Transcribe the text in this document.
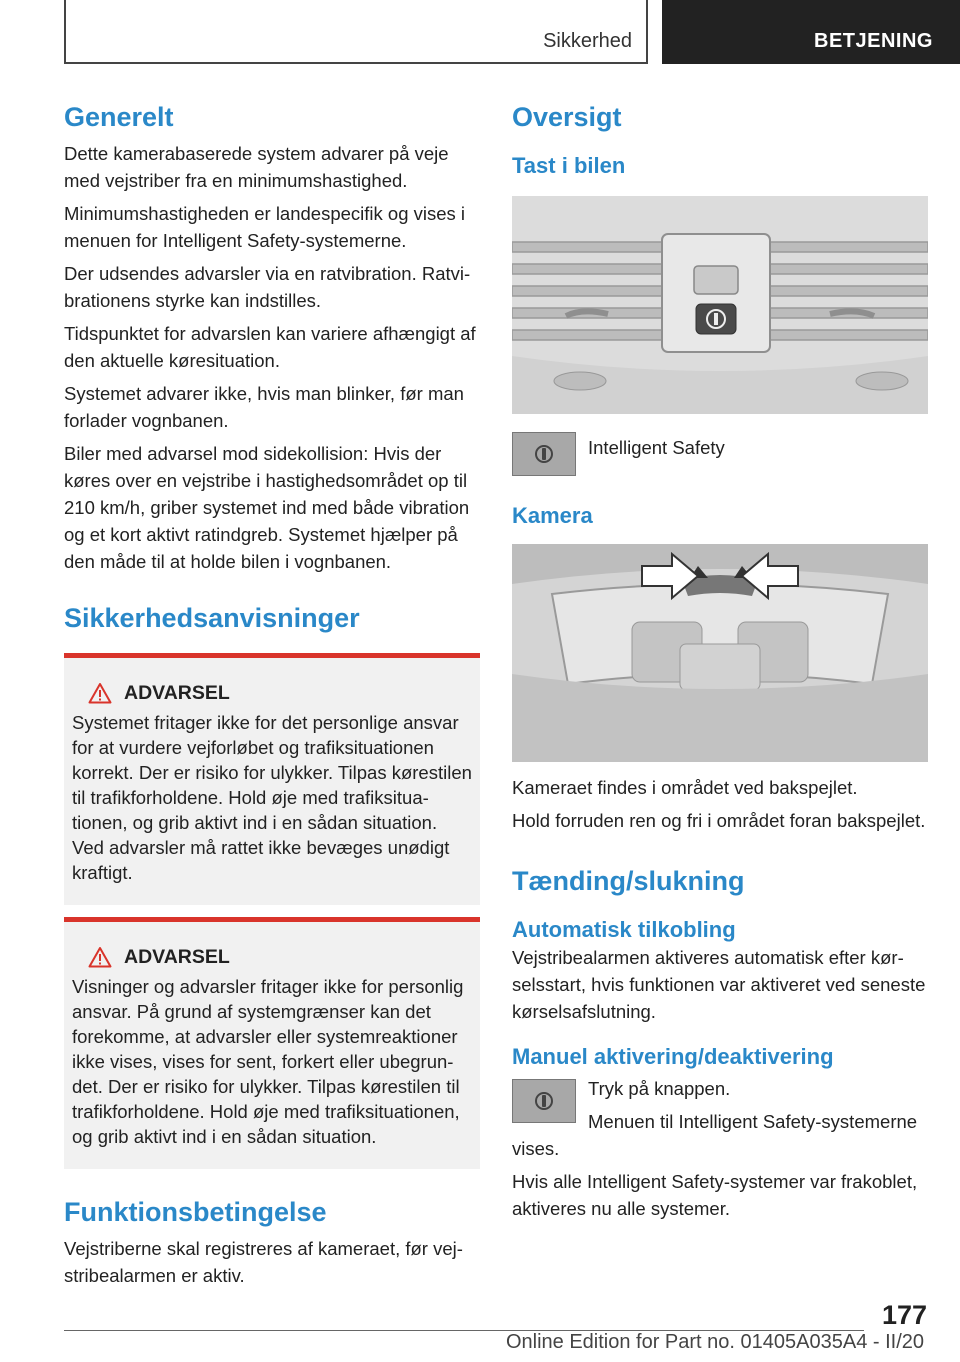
Sikkerhed	BETJENING
Generelt

Dette kamerabaserede system advarer på veje med vejstriber fra en minimumshastighed.

Minimumshastigheden er landespecifik og vises i menuen for Intelligent Safety-systemerne.

Der udsendes advarsler via en ratvibration. Ratvibrationens styrke kan indstilles.

Tidspunktet for advarslen kan variere afhængigt af den aktuelle køresituation.

Systemet advarer ikke, hvis man blinker, før man forlader vognbanen.

Biler med advarsel mod sidekollision: Hvis der køres over en vejstribe i hastighedsområdet op til 210 km/h, griber systemet ind med både vibration og et kort aktivt ratindgreb. Systemet hjælper på den måde til at holde bilen i vognbanen.

Sikkerhedsanvisninger
ADVARSEL

Systemet fritager ikke for det personlige ansvar for at vurdere vejforløbet og trafiksituationen korrekt. Der er risiko for ulykker. Tilpas kørestilen til trafikforholdene. Hold øje med trafiksituationen, og grib aktivt ind i en sådan situation. Ved advarsler må rattet ikke bevæges unødigt kraftigt.

ADVARSEL

Visninger og advarsler fritager ikke for personlig ansvar. På grund af systemgrænser kan det forekomme, at advarsler eller systemreaktioner ikke vises, vises for sent, forkert eller ubegrundet. Der er risiko for ulykker. Tilpas kørestilen til trafikforholdene. Hold øje med trafiksituationen, og grib aktivt ind i en sådan situation.

Funktionsbetingelse

Vejstriberne skal registreres af kameraet, før vejstribealarmen er aktiv.

Oversigt
Tast i bilen

Intelligent Safety

Kamera

Kameraet findes i området ved bakspejlet.

Hold forruden ren og fri i området foran bakspejlet.

Tænding/slukning
Automatisk tilkobling

Vejstribealarmen aktiveres automatisk efter kørselsstart, hvis funktionen var aktiveret ved seneste kørselsafslutning.

Manuel aktivering/deaktivering

Tryk på knappen.

Menuen til Intelligent Safety-systemerne vises.

Hvis alle Intelligent Safety-systemer var frakoblet, aktiveres nu alle systemer.

177
Online Edition for Part no. 01405A035A4 - II/20
